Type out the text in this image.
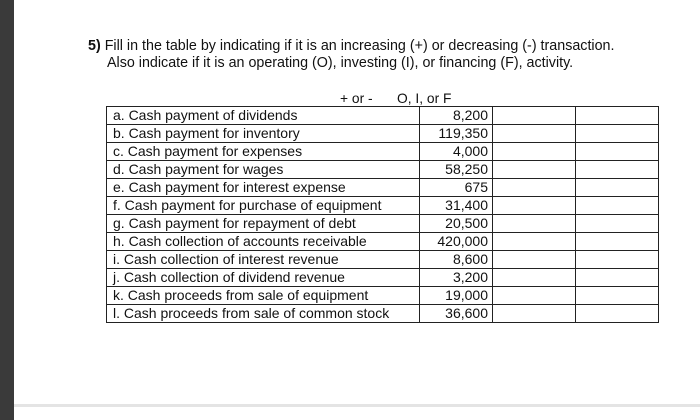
5) Fill in the table by indicating if it is an increasing (+) or decreasing (-) transaction.
Also indicate if it is an operating (O), investing (I), or financing (F), activity.
+ or - O, I, or F
a. Cash payment of dividends	8,200		
b. Cash payment for inventory	119,350		
c. Cash payment for expenses	4,000		
d. Cash payment for wages	58,250		
e. Cash payment for interest expense	675		
f. Cash payment for purchase of equipment	31,400		
g. Cash payment for repayment of debt	20,500		
h. Cash collection of accounts receivable	420,000		
i. Cash collection of interest revenue	8,600		
j. Cash collection of dividend revenue	3,200		
k. Cash proceeds from sale of equipment	19,000		
l. Cash proceeds from sale of common stock	36,600		
